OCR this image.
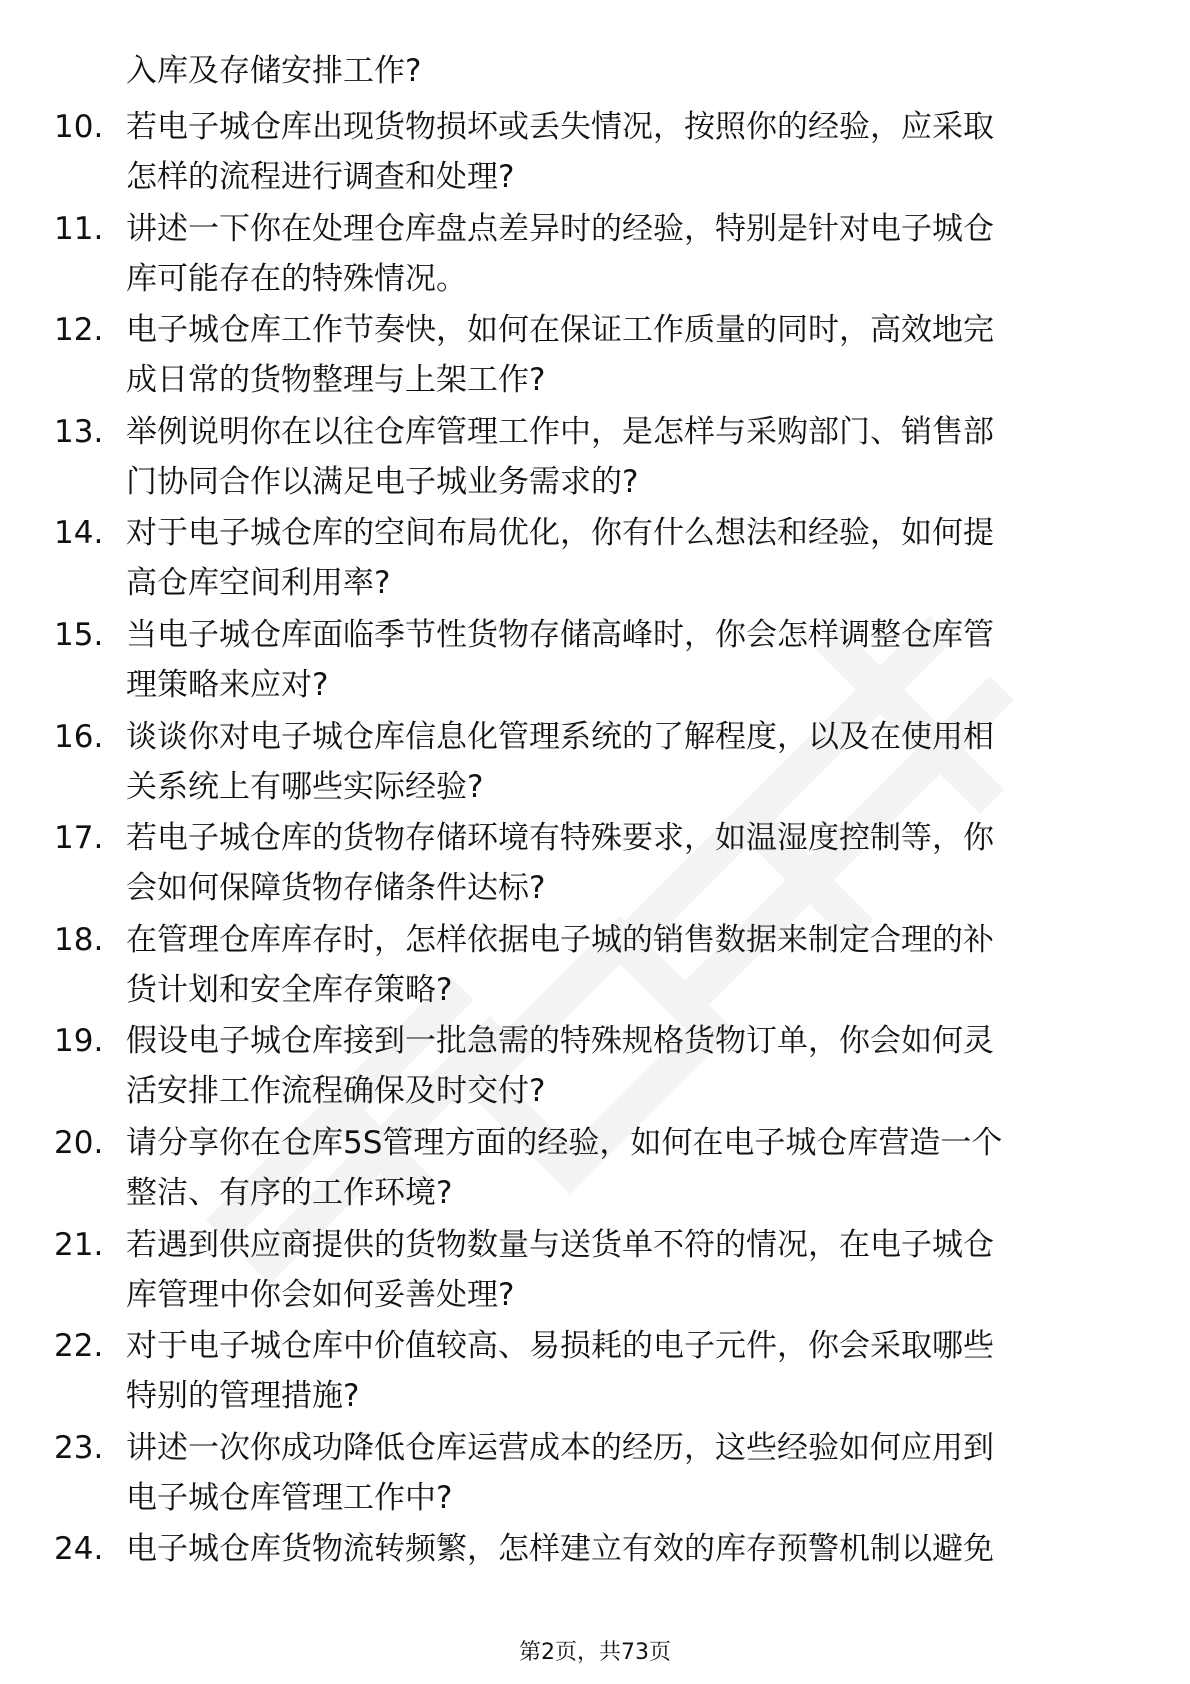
入库及存储安排工作?
10. 若电子城仓库出现货物损坏或丢失情况，按照你的经验，应采取
怎样的流程进行调查和处理?
11. 讲述一下你在处理仓库盘点差异时的经验，特别是针对电子城仓
库可能存在的特殊情况。
12. 电子城仓库工作节奏快，如何在保证工作质量的同时，高效地完
成日常的货物整理与上架工作?
13. 举例说明你在以往仓库管理工作中，是怎样与采购部门、销售部
门协同合作以满足电子城业务需求的?
14. 对于电子城仓库的空间布局优化，你有什么想法和经验，如何提
高仓库空间利用率?
15. 当电子城仓库面临季节性货物存储高峰时，你会怎样调整仓库管
理策略来应对?
16. 谈谈你对电子城仓库信息化管理系统的了解程度，以及在使用相
关系统上有哪些实际经验?
17. 若电子城仓库的货物存储环境有特殊要求，如温湿度控制等，你
会如何保障货物存储条件达标?
18. 在管理仓库库存时，怎样依据电子城的销售数据来制定合理的补
货计划和安全库存策略?
19. 假设电子城仓库接到一批急需的特殊规格货物订单，你会如何灵
活安排工作流程确保及时交付?
20. 请分享你在仓库5S管理方面的经验，如何在电子城仓库营造一个
整洁、有序的工作环境?
21. 若遇到供应商提供的货物数量与送货单不符的情况，在电子城仓
库管理中你会如何妥善处理?
22. 对于电子城仓库中价值较高、易损耗的电子元件，你会采取哪些
特别的管理措施?
23. 讲述一次你成功降低仓库运营成本的经历，这些经验如何应用到
电子城仓库管理工作中?
24. 电子城仓库货物流转频繁，怎样建立有效的库存预警机制以避免
第2页，共73页
